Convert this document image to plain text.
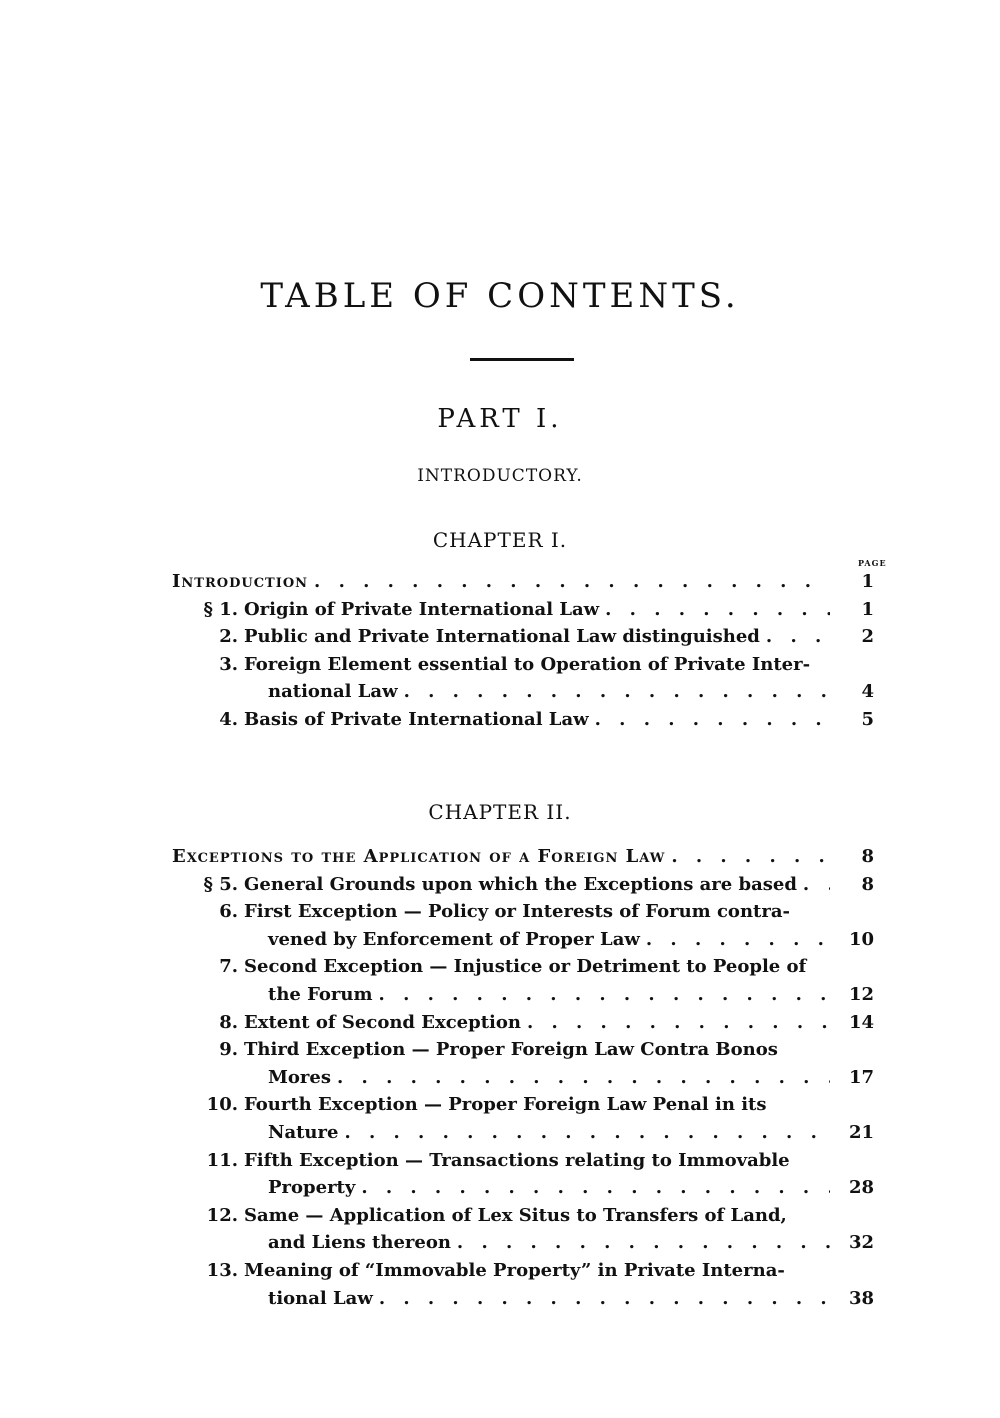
TABLE OF CONTENTS.
PART I.
INTRODUCTORY.
CHAPTER I.
PAGE
Introduction . . .	1
§ 1. Origin of Private International Law . . .	1
2. Public and Private International Law distinguished . . .	2
3. Foreign Element essential to Operation of Private Inter-
national Law . . .	4
4. Basis of Private International Law . . .	5
CHAPTER II.
Exceptions to the Application of a Foreign Law . . .	8
§ 5. General Grounds upon which the Exceptions are based . . .	8
6. First Exception — Policy or Interests of Forum contra-
vened by Enforcement of Proper Law . . .	10
7. Second Exception — Injustice or Detriment to People of
the Forum . . .	12
8. Extent of Second Exception . . .	14
9. Third Exception — Proper Foreign Law Contra Bonos
Mores . . .	17
10. Fourth Exception — Proper Foreign Law Penal in its
Nature . . .	21
11. Fifth Exception — Transactions relating to Immovable
Property . . .	28
12. Same — Application of Lex Situs to Transfers of Land,
and Liens thereon . . .	32
13. Meaning of “Immovable Property” in Private Interna-
tional Law . . .	38
